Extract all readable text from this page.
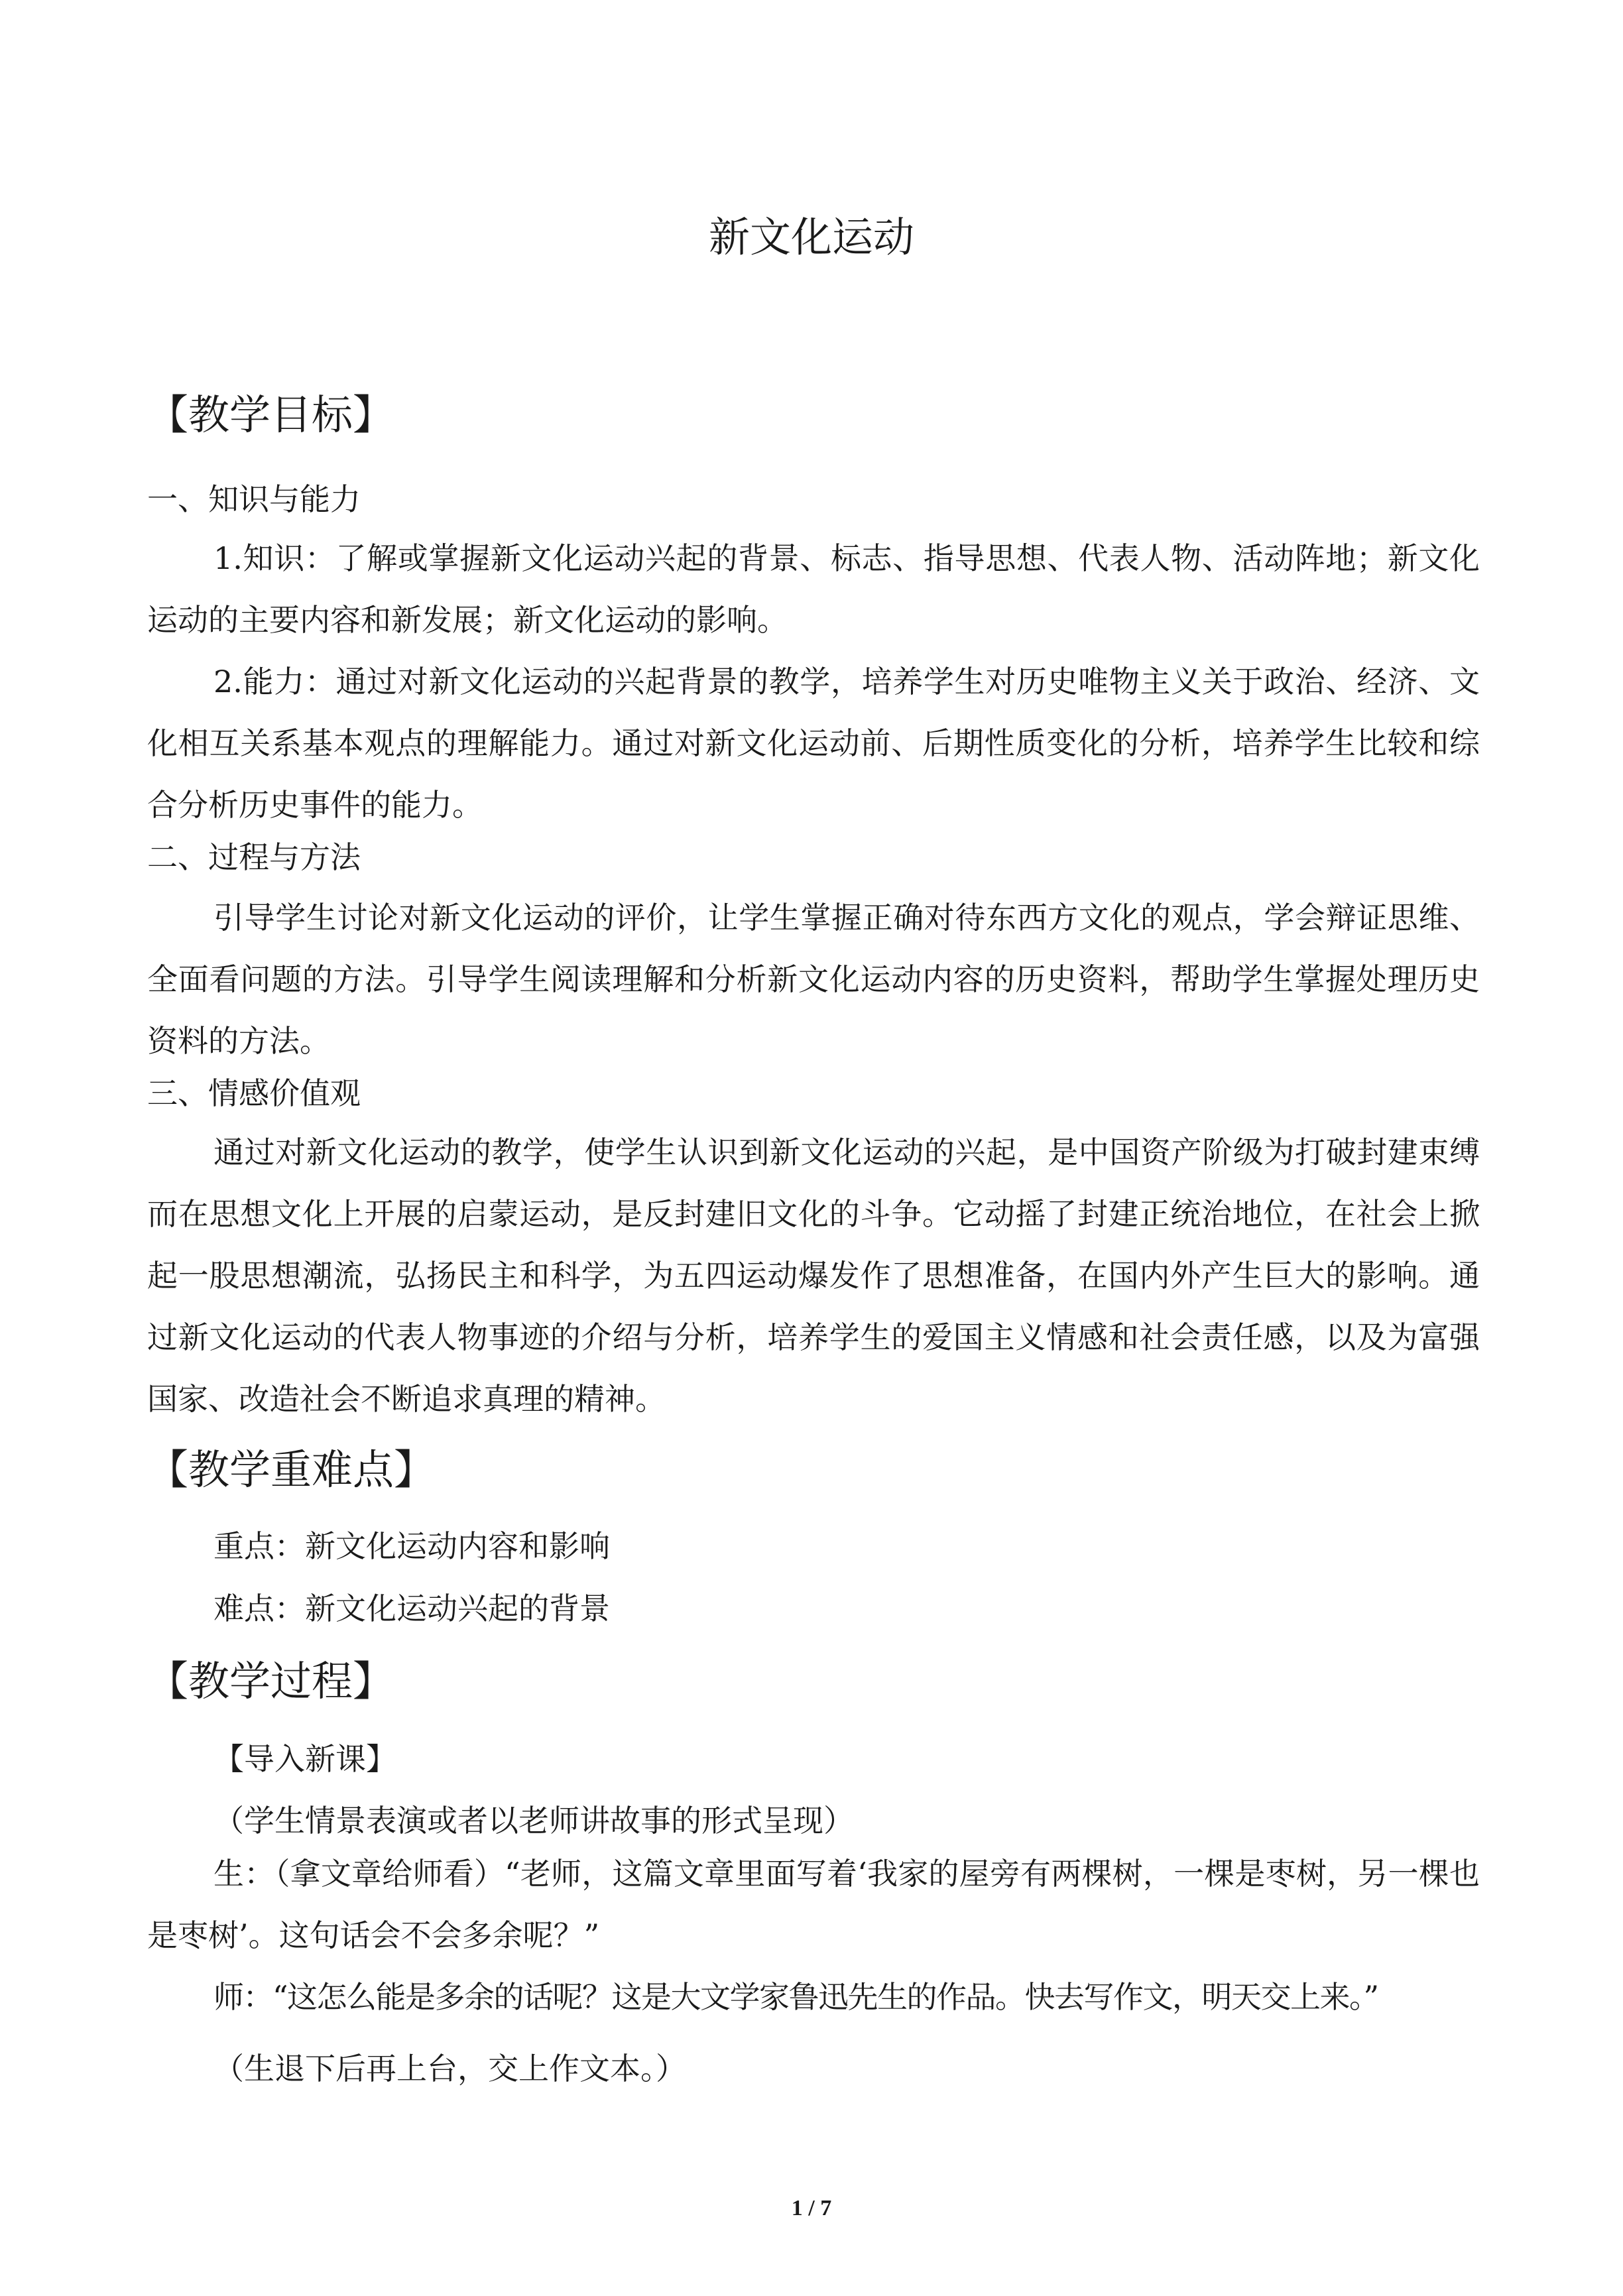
新文化运动
【教学目标】
一、知识与能力
1.知识：了解或掌握新文化运动兴起的背景、标志、指导思想、代表人物、活动阵地；新文化运动的主要内容和新发展；新文化运动的影响。
2.能力：通过对新文化运动的兴起背景的教学，培养学生对历史唯物主义关于政治、经济、文化相互关系基本观点的理解能力。通过对新文化运动前、后期性质变化的分析，培养学生比较和综合分析历史事件的能力。
二、过程与方法
引导学生讨论对新文化运动的评价，让学生掌握正确对待东西方文化的观点，学会辩证思维、全面看问题的方法。引导学生阅读理解和分析新文化运动内容的历史资料，帮助学生掌握处理历史资料的方法。
三、情感价值观
通过对新文化运动的教学，使学生认识到新文化运动的兴起，是中国资产阶级为打破封建束缚而在思想文化上开展的启蒙运动，是反封建旧文化的斗争。它动摇了封建正统治地位，在社会上掀起一股思想潮流，弘扬民主和科学，为五四运动爆发作了思想准备，在国内外产生巨大的影响。通过新文化运动的代表人物事迹的介绍与分析，培养学生的爱国主义情感和社会责任感，以及为富强国家、改造社会不断追求真理的精神。
【教学重难点】
重点：新文化运动内容和影响
难点：新文化运动兴起的背景
【教学过程】
【导入新课】
（学生情景表演或者以老师讲故事的形式呈现）
生：（拿文章给师看）“老师，这篇文章里面写着‘我家的屋旁有两棵树，一棵是枣树，另一棵也是枣树’。这句话会不会多余呢？”
师：“这怎么能是多余的话呢？这是大文学家鲁迅先生的作品。快去写作文，明天交上来。”
（生退下后再上台，交上作文本。）
1 / 7
